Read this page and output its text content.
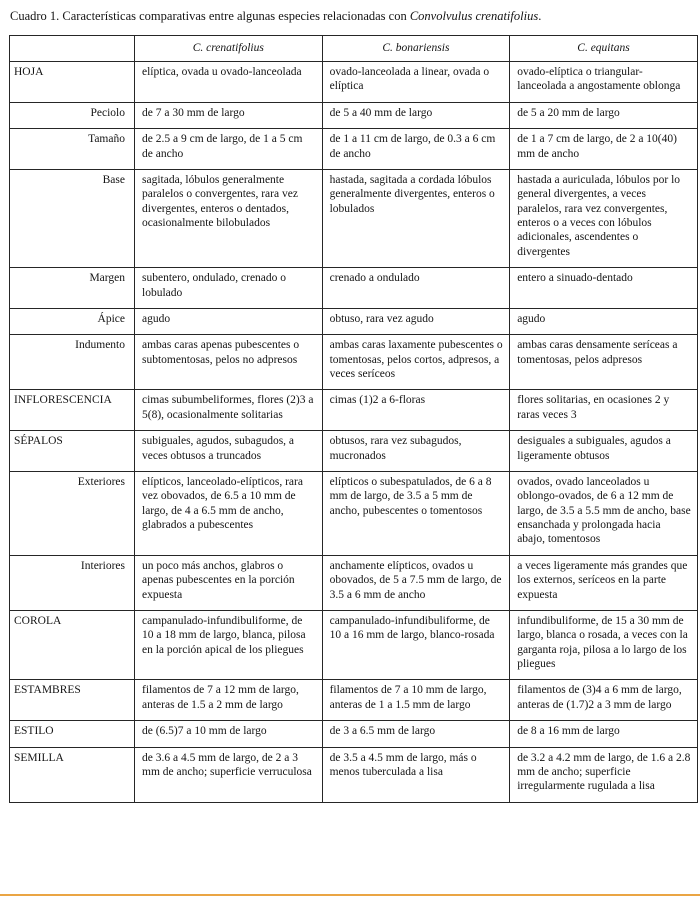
Cuadro 1. Características comparativas entre algunas especies relacionadas con Convolvulus crenatifolius.

	C. crenatifolius	C. bonariensis	C. equitans
HOJA	elíptica, ovada u ovado-lanceolada	ovado-lanceolada a linear, ovada o elíptica	ovado-elíptica o triangular-lanceolada a angostamente oblonga
Peciolo	de 7 a 30 mm de largo	de 5 a 40 mm de largo	de 5 a 20 mm de largo
Tamaño	de 2.5 a 9 cm de largo, de 1 a 5 cm de ancho	de 1 a 11 cm de largo, de 0.3 a 6 cm de ancho	de 1 a 7 cm de largo, de 2 a 10(40) mm de ancho
Base	sagitada, lóbulos generalmente paralelos o convergentes, rara vez divergentes, enteros o dentados, ocasionalmente bilobulados	hastada, sagitada a cordada lóbulos generalmente divergentes, enteros o lobulados	hastada a auriculada, lóbulos por lo general divergentes, a veces paralelos, rara vez convergentes, enteros o a veces con lóbulos adicionales, ascendentes o divergentes
Margen	subentero, ondulado, crenado o lobulado	crenado a ondulado	entero a sinuado-dentado
Ápice	agudo	obtuso, rara vez agudo	agudo
Indumento	ambas caras apenas pubescentes o subtomentosas, pelos no adpresos	ambas caras laxamente pubescentes o tomentosas, pelos cortos, adpresos, a veces seríceos	ambas caras densamente seríceas a tomentosas, pelos adpresos
INFLORESCENCIA	cimas subumbeliformes, flores (2)3 a 5(8), ocasionalmente solitarias	cimas (1)2 a 6-floras	flores solitarias, en ocasiones 2 y raras veces 3
SÉPALOS	subiguales, agudos, subagudos, a veces obtusos a truncados	obtusos, rara vez subagudos, mucronados	desiguales a subiguales, agudos a ligeramente obtusos
Exteriores	elípticos, lanceolado-elípticos, rara vez obovados, de 6.5 a 10 mm de largo, de 4 a 6.5 mm de ancho, glabrados a pubescentes	elípticos o subespatulados, de 6 a 8 mm de largo, de 3.5 a 5 mm de ancho, pubescentes o tomentosos	ovados, ovado lanceolados u oblongo-ovados, de 6 a 12 mm de largo, de 3.5 a 5.5 mm de ancho, base ensanchada y prolongada hacia abajo, tomentosos
Interiores	un poco más anchos, glabros o apenas pubescentes en la porción expuesta	anchamente elípticos, ovados u obovados, de 5 a 7.5 mm de largo, de 3.5 a 6 mm de ancho	a veces ligeramente más grandes que los externos, seríceos en la parte expuesta
COROLA	campanulado-infundibuliforme, de 10 a 18 mm de largo, blanca, pilosa en la porción apical de los pliegues	campanulado-infundibuliforme, de 10 a 16 mm de largo, blanco-rosada	infundibuliforme, de 15 a 30 mm de largo, blanca o rosada, a veces con la garganta roja, pilosa a lo largo de los pliegues
ESTAMBRES	filamentos de 7 a 12 mm de largo, anteras de 1.5 a 2 mm de largo	filamentos de 7 a 10 mm de largo, anteras de 1 a 1.5 mm de largo	filamentos de (3)4 a 6 mm de largo, anteras de (1.7)2 a 3 mm de largo
ESTILO	de (6.5)7 a 10 mm de largo	de 3 a 6.5 mm de largo	de 8 a 16 mm de largo
SEMILLA	de 3.6 a 4.5 mm de largo, de 2 a 3 mm de ancho; superficie verruculosa	de 3.5 a 4.5 mm de largo, más o menos tuberculada a lisa	de 3.2 a 4.2 mm de largo, de 1.6 a 2.8 mm de ancho; superficie irregularmente rugulada a lisa
